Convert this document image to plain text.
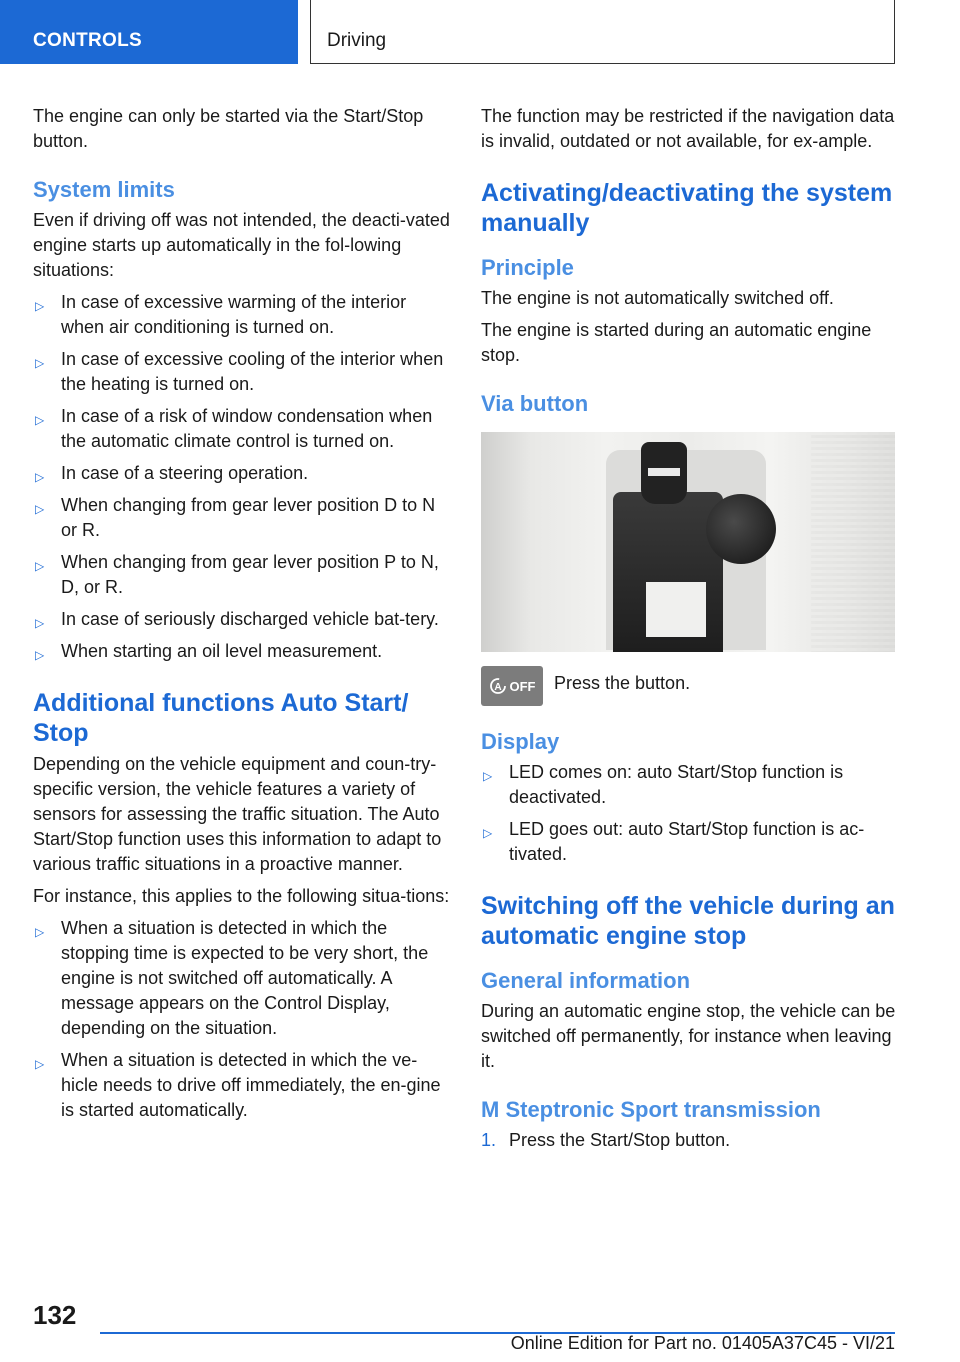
CONTROLS	Driving

The engine can only be started via the Start/Stop button.

System limits

Even if driving off was not intended, the deacti-vated engine starts up automatically in the fol-lowing situations:

▷ In case of excessive warming of the interior when air conditioning is turned on.
▷ In case of excessive cooling of the interior when the heating is turned on.
▷ In case of a risk of window condensation when the automatic climate control is turned on.
▷ In case of a steering operation.
▷ When changing from gear lever position D to N or R.
▷ When changing from gear lever position P to N, D, or R.
▷ In case of seriously discharged vehicle bat-tery.
▷ When starting an oil level measurement.
Additional functions Auto Start/ Stop

Depending on the vehicle equipment and coun-try-specific version, the vehicle features a variety of sensors for assessing the traffic situation. The Auto Start/Stop function uses this information to adapt to various traffic situations in a proactive manner.

For instance, this applies to the following situa-tions:

▷ When a situation is detected in which the stopping time is expected to be very short, the engine is not switched off automatically. A message appears on the Control Display, depending on the situation.
▷ When a situation is detected in which the ve-hicle needs to drive off immediately, the en-gine is started automatically.

The function may be restricted if the navigation data is invalid, outdated or not available, for ex-ample.

Activating/deactivating the system manually
Principle

The engine is not automatically switched off.

The engine is started during an automatic engine stop.

Via button
A OFF Press the button.
Display
▷ LED comes on: auto Start/Stop function is deactivated.
▷ LED goes out: auto Start/Stop function is ac-tivated.
Switching off the vehicle during an automatic engine stop
General information

During an automatic engine stop, the vehicle can be switched off permanently, for instance when leaving it.

M Steptronic Sport transmission
1. Press the Start/Stop button.
132
Online Edition for Part no. 01405A37C45 - VI/21
